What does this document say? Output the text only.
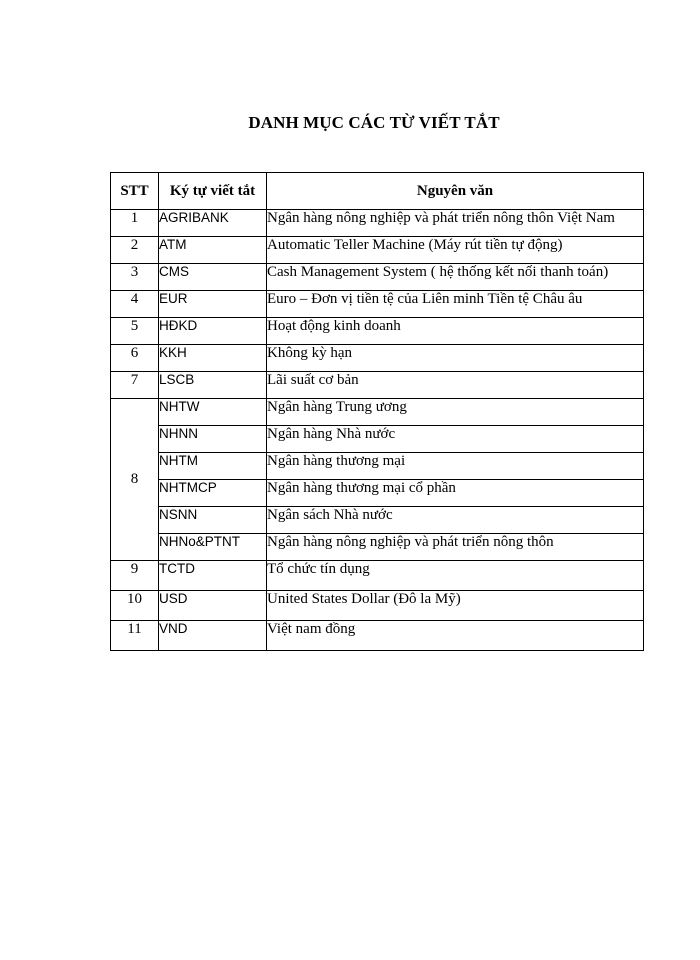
DANH MỤC CÁC TỪ VIẾT TẮT
STT	Ký tự viết tắt	Nguyên văn
1	AGRIBANK	Ngân hàng nông nghiệp và phát triển nông thôn Việt Nam
2	ATM	Automatic Teller Machine (Máy rút tiền tự động)
3	CMS	Cash Management System ( hệ thống kết nối thanh toán)
4	EUR	Euro – Đơn vị tiền tệ của Liên minh Tiền tệ Châu âu
5	HĐKD	Hoạt động kinh doanh
6	KKH	Không kỳ hạn
7	LSCB	Lãi suất cơ bản
8	NHTW	Ngân hàng Trung ương
	NHNN	Ngân hàng Nhà nước
	NHTM	Ngân hàng thương mại
	NHTMCP	Ngân hàng thương mại cổ phần
	NSNN	Ngân sách Nhà nước
	NHNo&PTNT	Ngân hàng nông nghiệp và phát triển nông thôn
9	TCTD	Tổ chức tín dụng
10	USD	United States Dollar (Đô la Mỹ)
11	VND	Việt nam đồng
